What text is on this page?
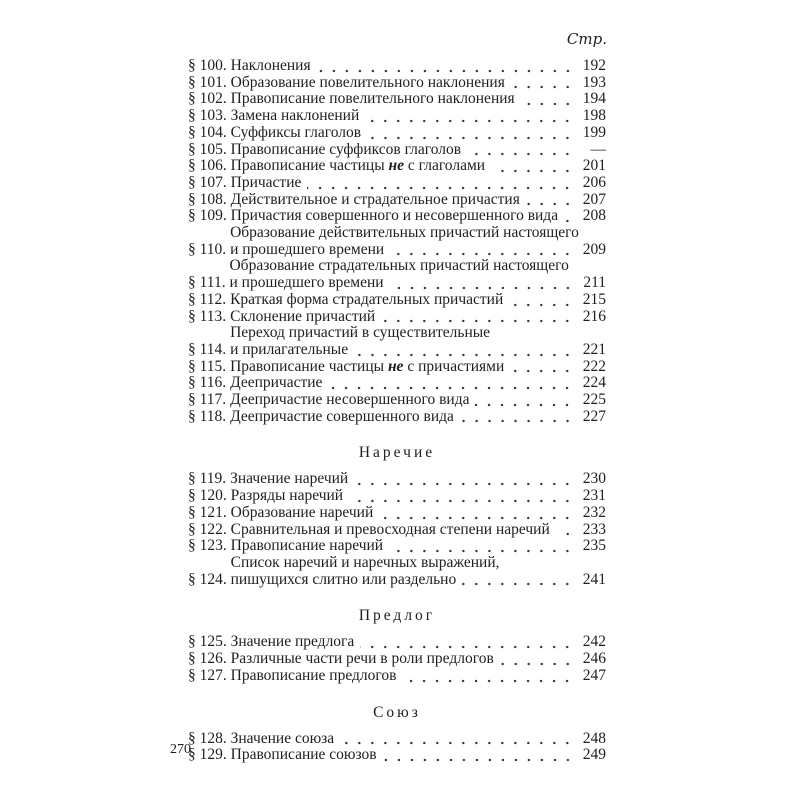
Стр.
§ 100. Наклонения	192
§ 101. Образование повелительного наклонения	193
§ 102. Правописание повелительного наклонения	194
§ 103. Замена наклонений	198
§ 104. Суффиксы глаголов	199
§ 105. Правописание суффиксов глаголов	—
§ 106. Правописание частицы не с глаголами	201
§ 107. Причастие	206
§ 108. Действительное и страдательное причастия	207
§ 109. Причастия совершенного и несовершенного вида 208
§ 110.
Образование действительных причастий настоящего
и прошедшего времени	209
§ 111.
Образование страдательных причастий настоящего
и прошедшего времени	211
§ 112. Краткая форма страдательных причастий	215
§ 113. Склонение причастий	216
§ 114.
Переход причастий в существительные
и прилагательные	221
§ 115. Правописание частицы не с причастиями	222
§ 116. Деепричастие	224
§ 117. Деепричастие несовершенного вида	225
§ 118. Деепричастие совершенного вида	227
Наречие
§ 119. Значение наречий	230
§ 120. Разряды наречий	231
§ 121. Образование наречий	232
§ 122. Сравнительная и превосходная степени наречий 233
§ 123. Правописание наречий	235
§ 124.
Список наречий и наречных выражений,
пишущихся слитно или раздельно	241
Предлог
§ 125. Значение предлога	242
§ 126. Различные части речи в роли предлогов	246
§ 127. Правописание предлогов	247
Союз
§ 128. Значение союза	248
§ 129. Правописание союзов	249
270
